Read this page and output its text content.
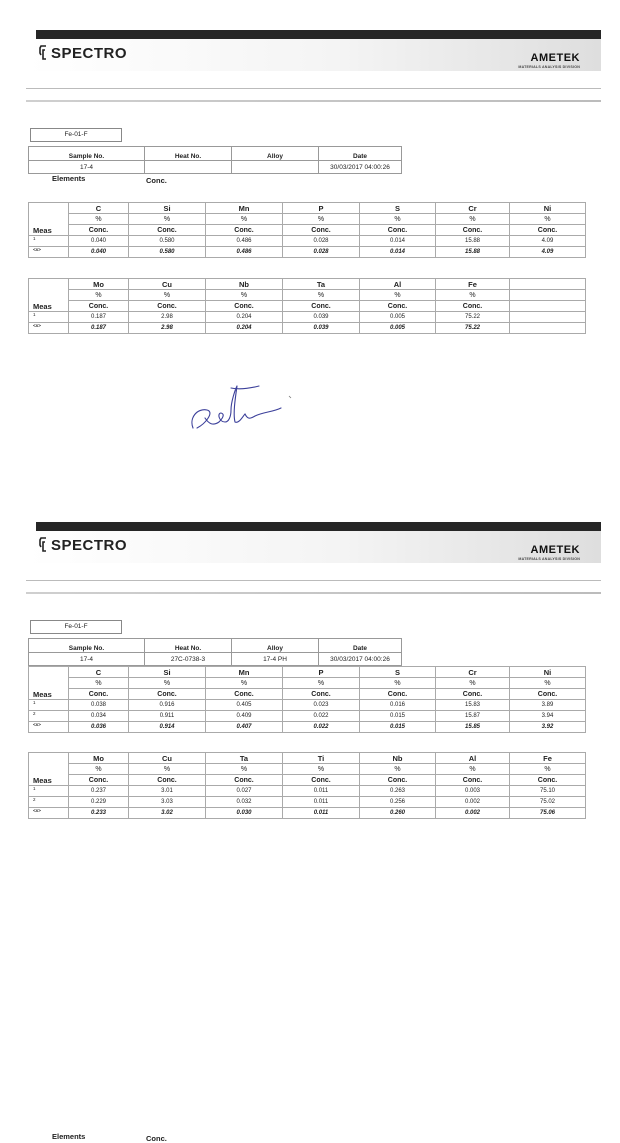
SPECTRO	AMETEK
MATERIALS ANALYSIS DIVISION
Fe-01-F
Sample No.	Heat No.	Alloy	Date
17-4			30/03/2017 04:00:26
Elements	Conc.
Meas	C	Si	Mn	P	S	Cr	Ni
	%	%	%	%	%	%	%
	Conc.	Conc.	Conc.	Conc.	Conc.	Conc.	Conc.
1	0.040	0.580	0.486	0.028	0.014	15.88	4.09
<x>	0.040	0.580	0.486	0.028	0.014	15.88	4.09
Meas	Mo	Cu	Nb	Ta	Al	Fe	
	%	%	%	%	%	%	
	Conc.	Conc.	Conc.	Conc.	Conc.	Conc.	
1	0.187	2.98	0.204	0.039	0.005	75.22	
<x>	0.187	2.98	0.204	0.039	0.005	75.22	
SPECTRO	AMETEK
MATERIALS ANALYSIS DIVISION
Fe-01-F
Sample No.	Heat No.	Alloy	Date
17-4	27C-0738-3	17-4 PH	30/03/2017 04:00:26
Elements	Conc.
Meas	C	Si	Mn	P	S	Cr	Ni
	%	%	%	%	%	%	%
	Conc.	Conc.	Conc.	Conc.	Conc.	Conc.	Conc.
1	0.038	0.916	0.405	0.023	0.016	15.83	3.89
2	0.034	0.911	0.409	0.022	0.015	15.87	3.94
<x>	0.036	0.914	0.407	0.022	0.015	15.85	3.92
Meas	Mo	Cu	Ta	Ti	Nb	Al	Fe
	%	%	%	%	%	%	%
	Conc.	Conc.	Conc.	Conc.	Conc.	Conc.	Conc.
1	0.237	3.01	0.027	0.011	0.263	0.003	75.10
2	0.229	3.03	0.032	0.011	0.256	0.002	75.02
<x>	0.233	3.02	0.030	0.011	0.260	0.002	75.06
